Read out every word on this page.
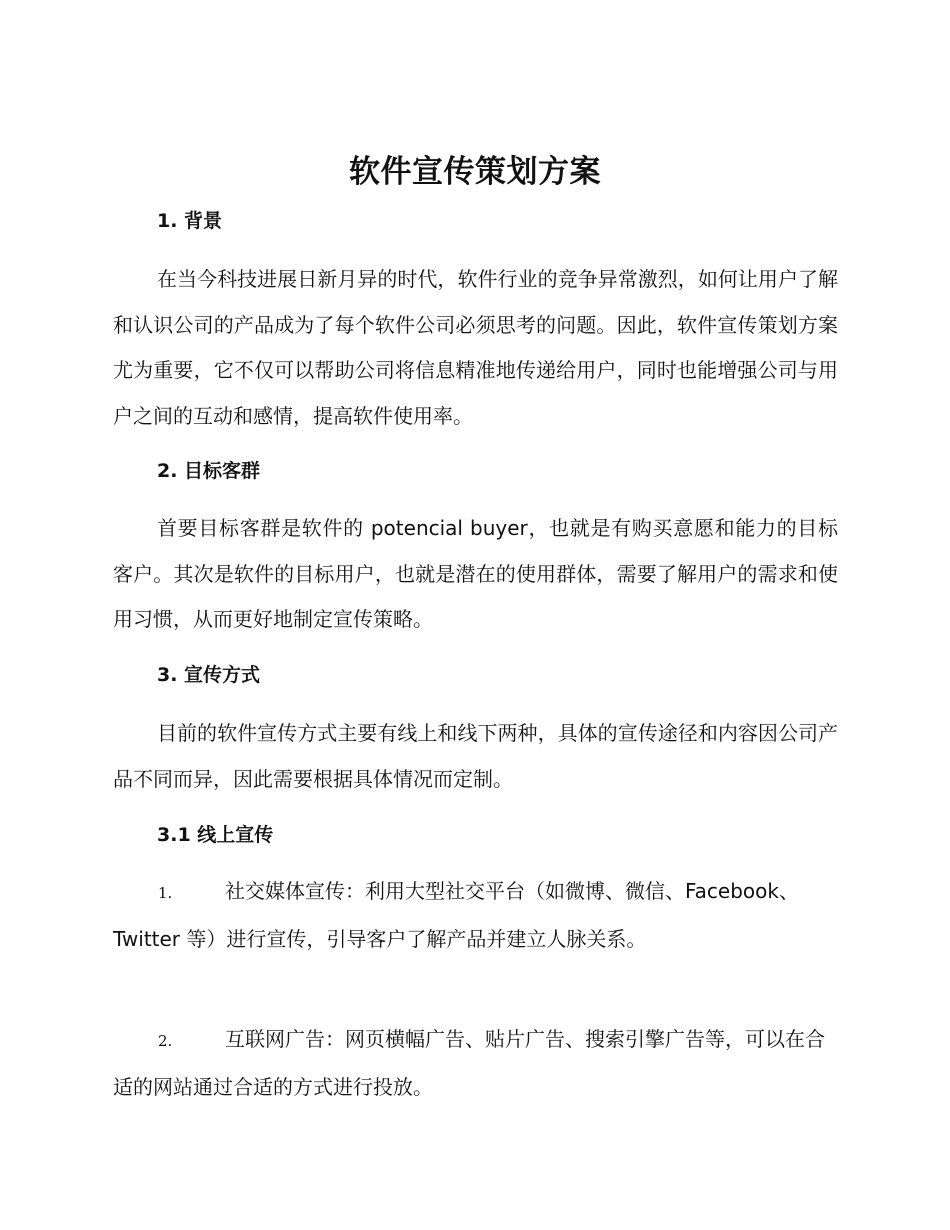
软件宣传策划方案
1. 背景

在当今科技进展日新月异的时代，软件行业的竞争异常激烈，如何让用户了解和认识公司的产品成为了每个软件公司必须思考的问题。因此，软件宣传策划方案尤为重要，它不仅可以帮助公司将信息精准地传递给用户，同时也能增强公司与用户之间的互动和感情，提高软件使用率。

2. 目标客群

首要目标客群是软件的 potencial buyer，也就是有购买意愿和能力的目标客户。其次是软件的目标用户，也就是潜在的使用群体，需要了解用户的需求和使用习惯，从而更好地制定宣传策略。

3. 宣传方式

目前的软件宣传方式主要有线上和线下两种，具体的宣传途径和内容因公司产品不同而异，因此需要根据具体情况而定制。

3.1 线上宣传

1.	社交媒体宣传：利用大型社交平台（如微博、微信、Facebook、Twitter 等）进行宣传，引导客户了解产品并建立人脉关系。

2.	互联网广告：网页横幅广告、贴片广告、搜索引擎广告等，可以在合适的网站通过合适的方式进行投放。
